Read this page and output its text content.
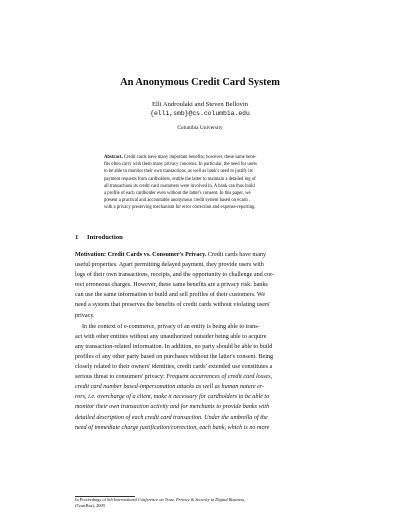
An Anonymous Credit Card System
Elli Androulaki and Steven Bellovin
{elli,smb}@cs.columbia.edu
Columbia University
Abstract. Credit cards have many important benefits; however, these same bene-
fits often carry with them many privacy concerns. In particular, the need for users
to be able to monitor their own transactions, as well as bank's need to justify its
payment requests from cardholders, entitle the latter to maintain a detailed log of
all transactions its credit card customers were involved in. A bank can thus build
a profile of each cardholder even without the latter's consent. In this paper, we
present a practical and accountable anonymous credit system based on ecash ,
with a privacy preserving mechanism for error correction and expense-reporting.
1 Introduction
Motivation: Credit Cards vs. Consumer's Privacy. Credit cards have many
useful properties. Apart permitting delayed payment, they provide users with
logs of their own transactions, receipts, and the opportunity to challenge and cor-
rect erroneous charges. However, these same benefits are a privacy risk: banks
can use the same information to build and sell profiles of their customers. We
need a system that preserves the benefits of credit cards without violating users'
privacy.
In the context of e-commerce, privacy of an entity is being able to trans-
act with other entities without any unauthorized outsider being able to acquire
any transaction-related information. In addition, no party should be able to build
profiles of any other party based on purchases without the latter's consent. Being
closely related to their owners' identities, credit cards' extended use constitutes a
serious threat to consumers' privacy: Frequent occurrences of credit card losses,
credit card number based-impersonation attacks as well as human nature er-
rors, i.e. overcharge of a client, make it necessary for cardholders to be able to
monitor their own transaction activity and for merchants to provide banks with
detailed description of each credit card transaction. Under the umbrella of the
need of immediate charge justification/correction, each bank, which is no more
In Proceedings of 6th International Conference on Trust, Privacy & Security in Digital Business,
(TrustBus), 2009
